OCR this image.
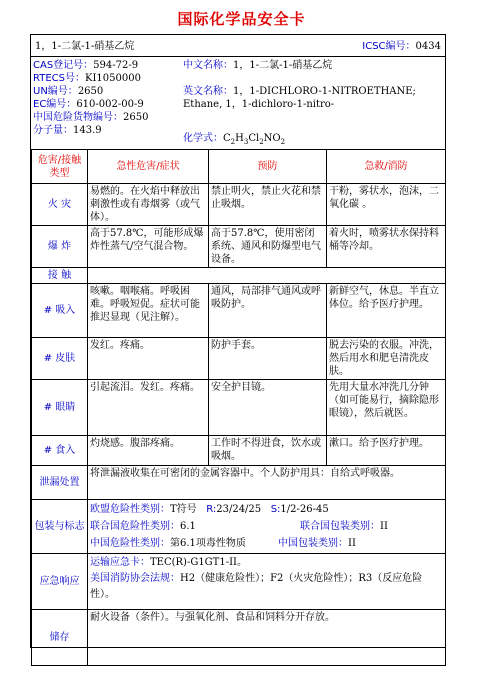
国际化学品安全卡
1，1-二氯-1-硝基乙烷	ICSC编号：0434
CAS登记号：594-72-9
RTECS号：KI1050000
UN编号：2650
EC编号：610-002-00-9
中国危险货物编号：2650
分子量：143.9
中文名称：1，1-二氯-1-硝基乙烷
英文名称：1，1-DICHLORO-1-NITROETHANE; Ethane, 1，1-dichloro-1-nitro-
化学式：$C_2H_3Cl_2NO_2$
危害/接触类型	急性危害/症状	预防	急救/消防
火 灾	易燃的。在火焰中释放出刺激性或有毒烟雾（或气体）。	禁止明火，禁止火花和禁止吸烟。	干粉，雾状水，泡沫，二氧化碳 。
爆 炸	高于57.8℃，可能形成爆炸性蒸气/空气混合物。	高于57.8℃，使用密闭系统、通风和防爆型电气设备。	着火时，喷雾状水保持料桶等冷却。
接 触			
# 吸入	咳嗽。咽喉痛。呼吸困难。呼吸短促。症状可能推迟显现（见注解）。	通风，局部排气通风或呼吸防护。	新鲜空气，休息。半直立体位。给予医疗护理。
# 皮肤	发红。疼痛。	防护手套。	脱去污染的衣服。冲洗，然后用水和肥皂清洗皮肤。
# 眼睛	引起流泪。发红。疼痛。	安全护目镜。	先用大量水冲洗几分钟（如可能易行，摘除隐形眼镜），然后就医。
# 食入	灼烧感。腹部疼痛。	工作时不得进食，饮水或吸烟。	漱口。给予医疗护理。
泄漏处置	将泄漏液收集在可密闭的金属容器中。个人防护用具：自给式呼吸器。		
包装与标志	欧盟危险性类别：T符号 R:23/24/25 S:1/2-26-45
联合国危险性类别：6.1 联合国包装类别：II
中国危险性类别：第6.1项毒性物质 中国包装类别：II		

应急响应	运输应急卡：TEC(R)-G1GT1-II。
美国消防协会法规：H2（健康危险性）；F2（火灾危险性）；R3（反应危险性）。		

储存	耐火设备（条件）。与强氧化剂、食品和饲料分开存放。		
